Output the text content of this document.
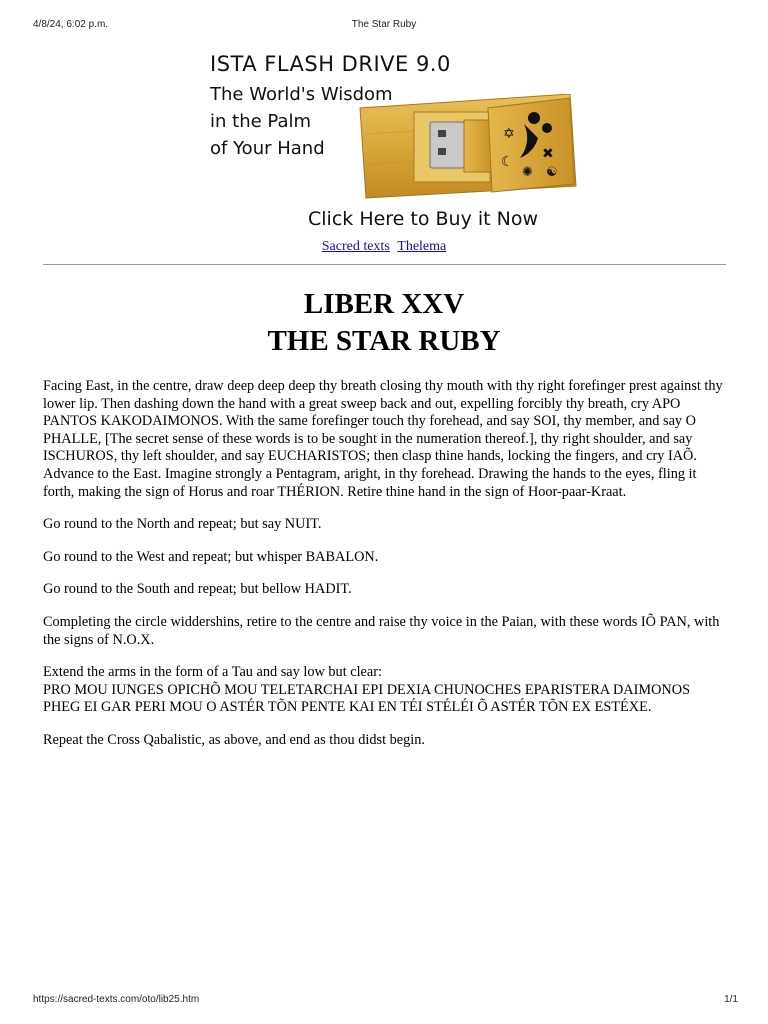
4/8/24, 6:02 p.m.	The Star Ruby
ISTA FLASH DRIVE 9.0
The World's Wisdom
in the Palm
of Your Hand
✡
☾ ✖
✺ ☯
Click Here to Buy it Now
Sacred texts Thelema
LIBER XXV
THE STAR RUBY

Facing East, in the centre, draw deep deep deep thy breath closing thy mouth with thy right forefinger prest against thy lower lip. Then dashing down the hand with a great sweep back and out, expelling forcibly thy breath, cry APO PANTOS KAKODAIMONOS. With the same forefinger touch thy forehead, and say SOI, thy member, and say O PHALLE, [The secret sense of these words is to be sought in the numeration thereof.], thy right shoulder, and say ISCHUROS, thy left shoulder, and say EUCHARISTOS; then clasp thine hands, locking the fingers, and cry IAÕ. Advance to the East. Imagine strongly a Pentagram, aright, in thy forehead. Drawing the hands to the eyes, fling it forth, making the sign of Horus and roar THÉRION. Retire thine hand in the sign of Hoor-paar-Kraat.

Go round to the North and repeat; but say NUIT.

Go round to the West and repeat; but whisper BABALON.

Go round to the South and repeat; but bellow HADIT.

Completing the circle widdershins, retire to the centre and raise thy voice in the Paian, with these words IÕ PAN, with the signs of N.O.X.

Extend the arms in the form of a Tau and say low but clear:
PRO MOU IUNGES OPICHÕ MOU TELETARCHAI EPI DEXIA CHUNOCHES EPARISTERA DAIMONOS PHEG EI GAR PERI MOU O ASTÉR TÕN PENTE KAI EN TÉI STÉLÉI Õ ASTÉR TÕN EX ESTÉXE.

Repeat the Cross Qabalistic, as above, and end as thou didst begin.

https://sacred-texts.com/oto/lib25.htm	1/1
